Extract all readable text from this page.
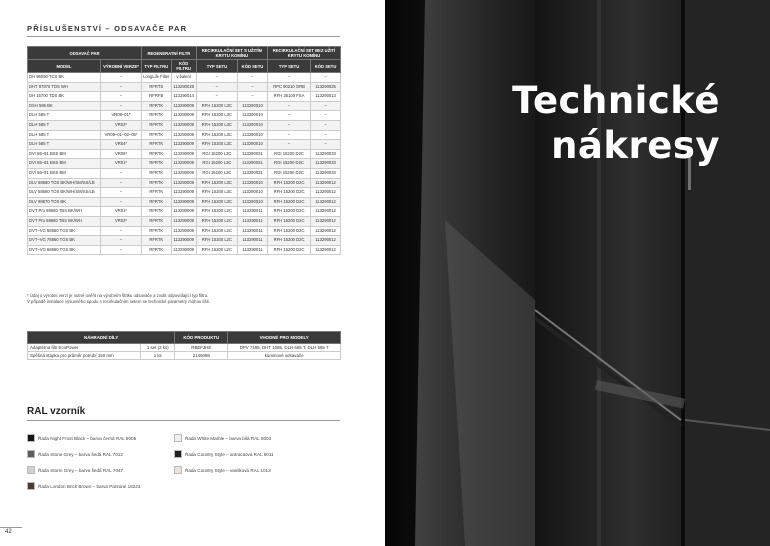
PŘÍSLUŠENSTVÍ – ODSAVAČE PAR
ODSAVAČ PAR		REGENERATNÍ FILTR		RECIRKULAČNÍ SET S UŽITÍM KRYTU KOMÍNU		RECIRKULAČNÍ SET BEZ UŽITÍ KRYTU KOMÍNU	
MODEL	VÝROBNÍ VERZE*	TYP FILTRU	KÓD FILTRU	TYP SETU	KÓD SETU	TYP SETU	KÓD SETU
DH 96050 TCS BK	–	LongLife Filter	v balení	–	–	–	–
DHT 97870 TDS WH	–	RFRTS	113290028	–	–	RPC 90210 ORB	113290025
DH 15700 TDS BK	–	RFRFB	113290014	–	–	RFH 35100 FSA	113290013
DSH 586 BK	–	RFRTK	113290009	RFH 15200 L3C	113290010	–	–
DLH 585 T	VR08–01*	RFRTK	113290009	RFH 15200 L3C	113290010	–	–
DLH 585 T	VR02*	RFRTK	113290009	RFH 15200 L3C	113290010	–	–
DLH 585 T	VR09–01–02–05*	RFRTK	113290009	RFH 15200 L3C	113290010	–	–
DLH 585 T	VR04*	RFRTK	113290009	RFH 15200 L3C	113290010	–	–
DVI 86–91 BSS BM	VR06*	RFRTK	113290009	RGI 15200 L3C	113290031	RGI 15200 D2C	113290033
DVI 86–91 BSS BM	VR01*	RFRTK	113290009	RGI 15200 L3C	113290031	RGI 15200 D2C	113290033
DVI 56–91 BSS BM	–	RFRTK	113290009	RGI 15200 L3C	113290031	RGI 15200 D2C	113290033
DLV 68560 TOS BK/WH/SM/SS/LB	–	RFRTK	113290009	RFH 15200 L3C	113290010	RFH 15200 D2C	113290012
DLV 58560 TOS BK/WH/SM/SS/LB	–	RFRTK	113290009	RFH 15200 L3C	113290010	RFH 15200 D2C	113290012
DLV 98870 TOS BK	–	RFRTK	113290009	RFH 15200 L3C	113290010	RFH 15200 D2C	113290012
DVT Pro 68560 TBS BK/WH	VR01*	RFRTK	113290009	RFH 15200 L2C	113290011	RFH 15200 D2C	113290012
DVT Pro 68660 TBS BK/WH	VR02*	RFRTK	113290009	RFH 15200 L2C	113290011	RFH 15200 D2C	113290012
DVT–VG 58560 TGS BK	–	RFRTK	113290009	RFH 15200 L2C	113290011	RFH 15200 D2C	113290012
DVT–VG 78860 TGS BK	–	RFRTK	113290009	RFH 15200 L2C	113290011	RFH 15200 D2C	113290012
DVT–VG 58660 TGS BK	–	RFRTK	113290009	RFH 15200 L2C	113290011	RFH 15200 D2C	113290012
* Údaj o výrobní verzi je nutné ověřit na výrobním štítku odsavače a zvolit odpovídající typ filtru.
V případě instalace výsuvného spodu s recirkulačním setem se technické parametry mohou lišit.
NÁHRADNÍ DÍLY		KÓD PRODUKTU	VHODNÉ PRO MODELY
Adaptérna filtr EcoPower	1 set (2 ks)	RBEFJHE	DPV 7185, DHT 1085, DLH 665 T, DLH 585 T
Spěšná stapka pro průměr potrubí 150 mm	1 ks	2146088	kuminové odsavače
RAL vzorník
Řada Night Frost Black – barva černá RAL 9005	Řada White Marble – barva bílá RAL 9003
Řada Stone Grey – barva šedá RAL 7012	Řada Country Style – antracitová RAL 9011
Řada Storm Grey – barva šedá RAL 7047	Řada Country Style – vanilková RAL 1013
Řada London Brick Brown – barva Pantone 18223
42
Technické
nákresy
